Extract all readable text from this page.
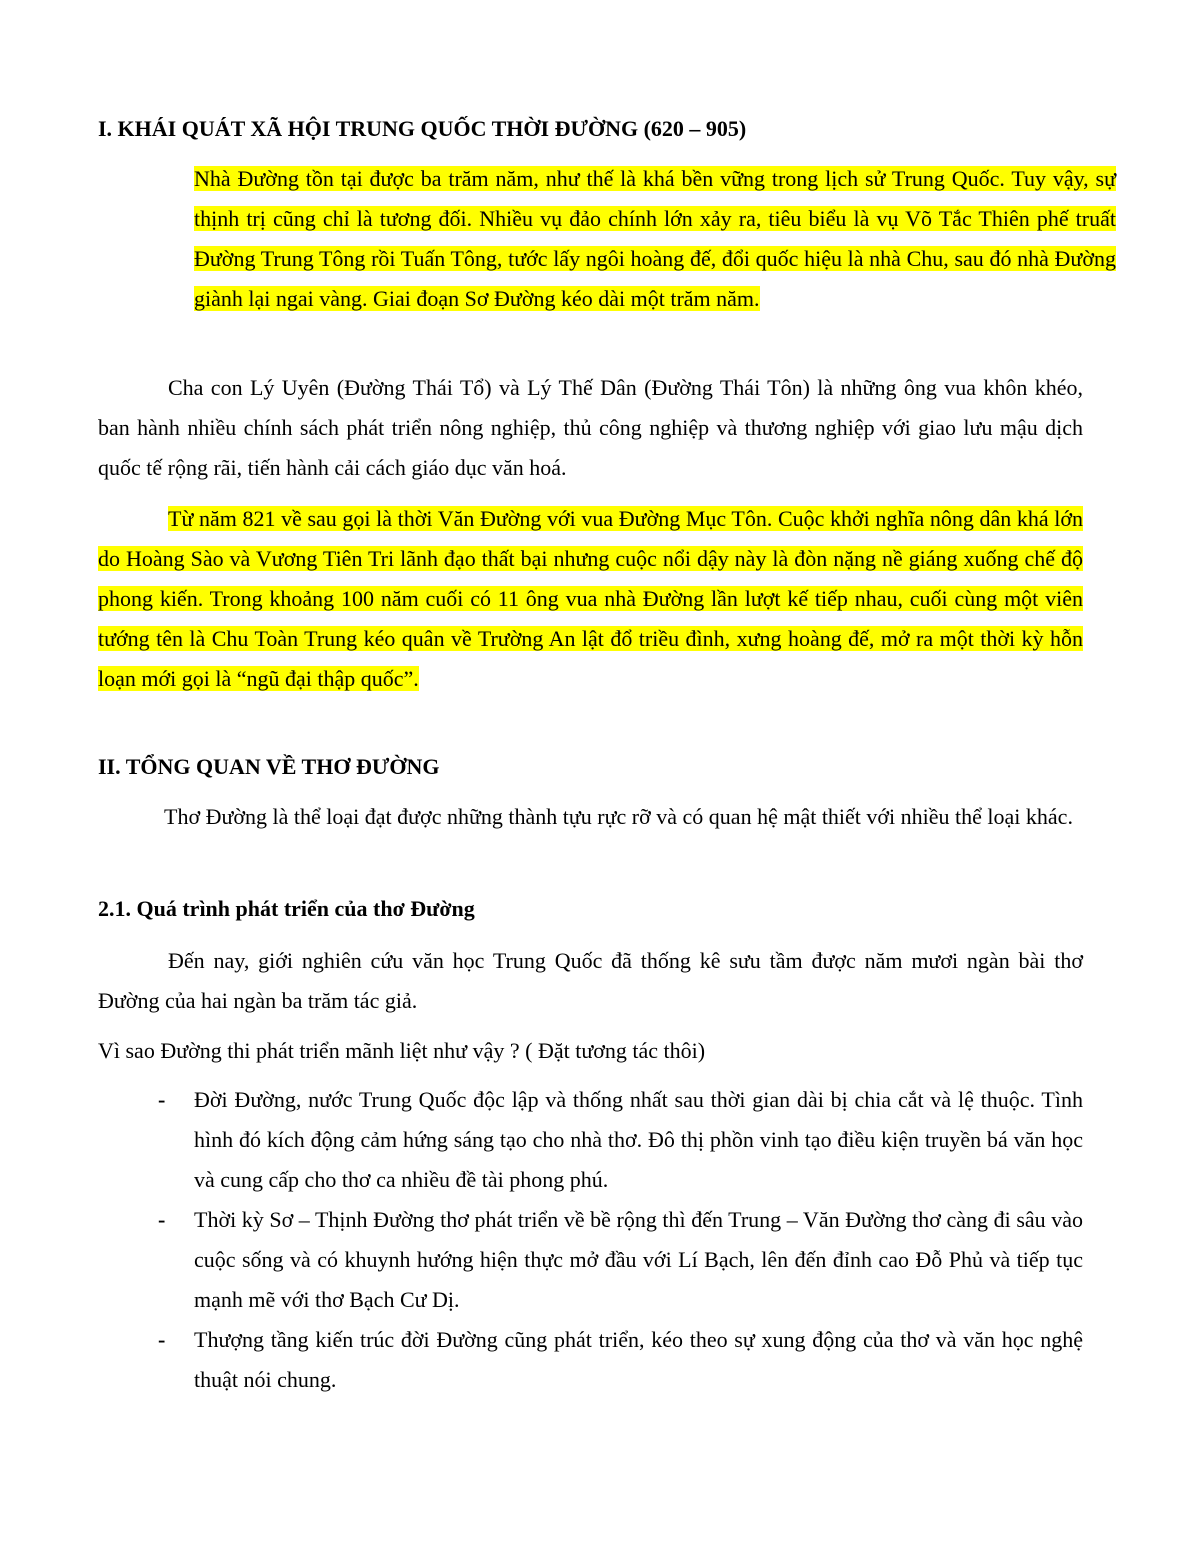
I. KHÁI QUÁT XÃ HỘI TRUNG QUỐC THỜI ĐƯỜNG (620 – 905)

Nhà Đường tồn tại được ba trăm năm, như thế là khá bền vững trong lịch sử Trung Quốc. Tuy vậy, sự thịnh trị cũng chỉ là tương đối. Nhiều vụ đảo chính lớn xảy ra, tiêu biểu là vụ Võ Tắc Thiên phế truất Đường Trung Tông rồi Tuấn Tông, tước lấy ngôi hoàng đế, đổi quốc hiệu là nhà Chu, sau đó nhà Đường giành lại ngai vàng. Giai đoạn Sơ Đường kéo dài một trăm năm.

Cha con Lý Uyên (Đường Thái Tổ) và Lý Thế Dân (Đường Thái Tôn) là những ông vua khôn khéo, ban hành nhiều chính sách phát triển nông nghiệp, thủ công nghiệp và thương nghiệp với giao lưu mậu dịch quốc tế rộng rãi, tiến hành cải cách giáo dục văn hoá.

Từ năm 821 về sau gọi là thời Văn Đường với vua Đường Mục Tôn. Cuộc khởi nghĩa nông dân khá lớn do Hoàng Sào và Vương Tiên Tri lãnh đạo thất bại nhưng cuộc nổi dậy này là đòn nặng nề giáng xuống chế độ phong kiến. Trong khoảng 100 năm cuối có 11 ông vua nhà Đường lần lượt kế tiếp nhau, cuối cùng một viên tướng tên là Chu Toàn Trung kéo quân về Trường An lật đổ triều đình, xưng hoàng đế, mở ra một thời kỳ hỗn loạn mới gọi là “ngũ đại thập quốc”.

II. TỔNG QUAN VỀ THƠ ĐƯỜNG

Thơ Đường là thể loại đạt được những thành tựu rực rỡ và có quan hệ mật thiết với nhiều thể loại khác.

2.1. Quá trình phát triển của thơ Đường

Đến nay, giới nghiên cứu văn học Trung Quốc đã thống kê sưu tầm được năm mươi ngàn bài thơ Đường của hai ngàn ba trăm tác giả.

Vì sao Đường thi phát triển mãnh liệt như vậy ? ( Đặt tương tác thôi)

- Đời Đường, nước Trung Quốc độc lập và thống nhất sau thời gian dài bị chia cắt và lệ thuộc. Tình hình đó kích động cảm hứng sáng tạo cho nhà thơ. Đô thị phồn vinh tạo điều kiện truyền bá văn học và cung cấp cho thơ ca nhiều đề tài phong phú.
- Thời kỳ Sơ – Thịnh Đường thơ phát triển về bề rộng thì đến Trung – Văn Đường thơ càng đi sâu vào cuộc sống và có khuynh hướng hiện thực mở đầu với Lí Bạch, lên đến đỉnh cao Đỗ Phủ và tiếp tục mạnh mẽ với thơ Bạch Cư Dị.
- Thượng tầng kiến trúc đời Đường cũng phát triển, kéo theo sự xung động của thơ và văn học nghệ thuật nói chung.
